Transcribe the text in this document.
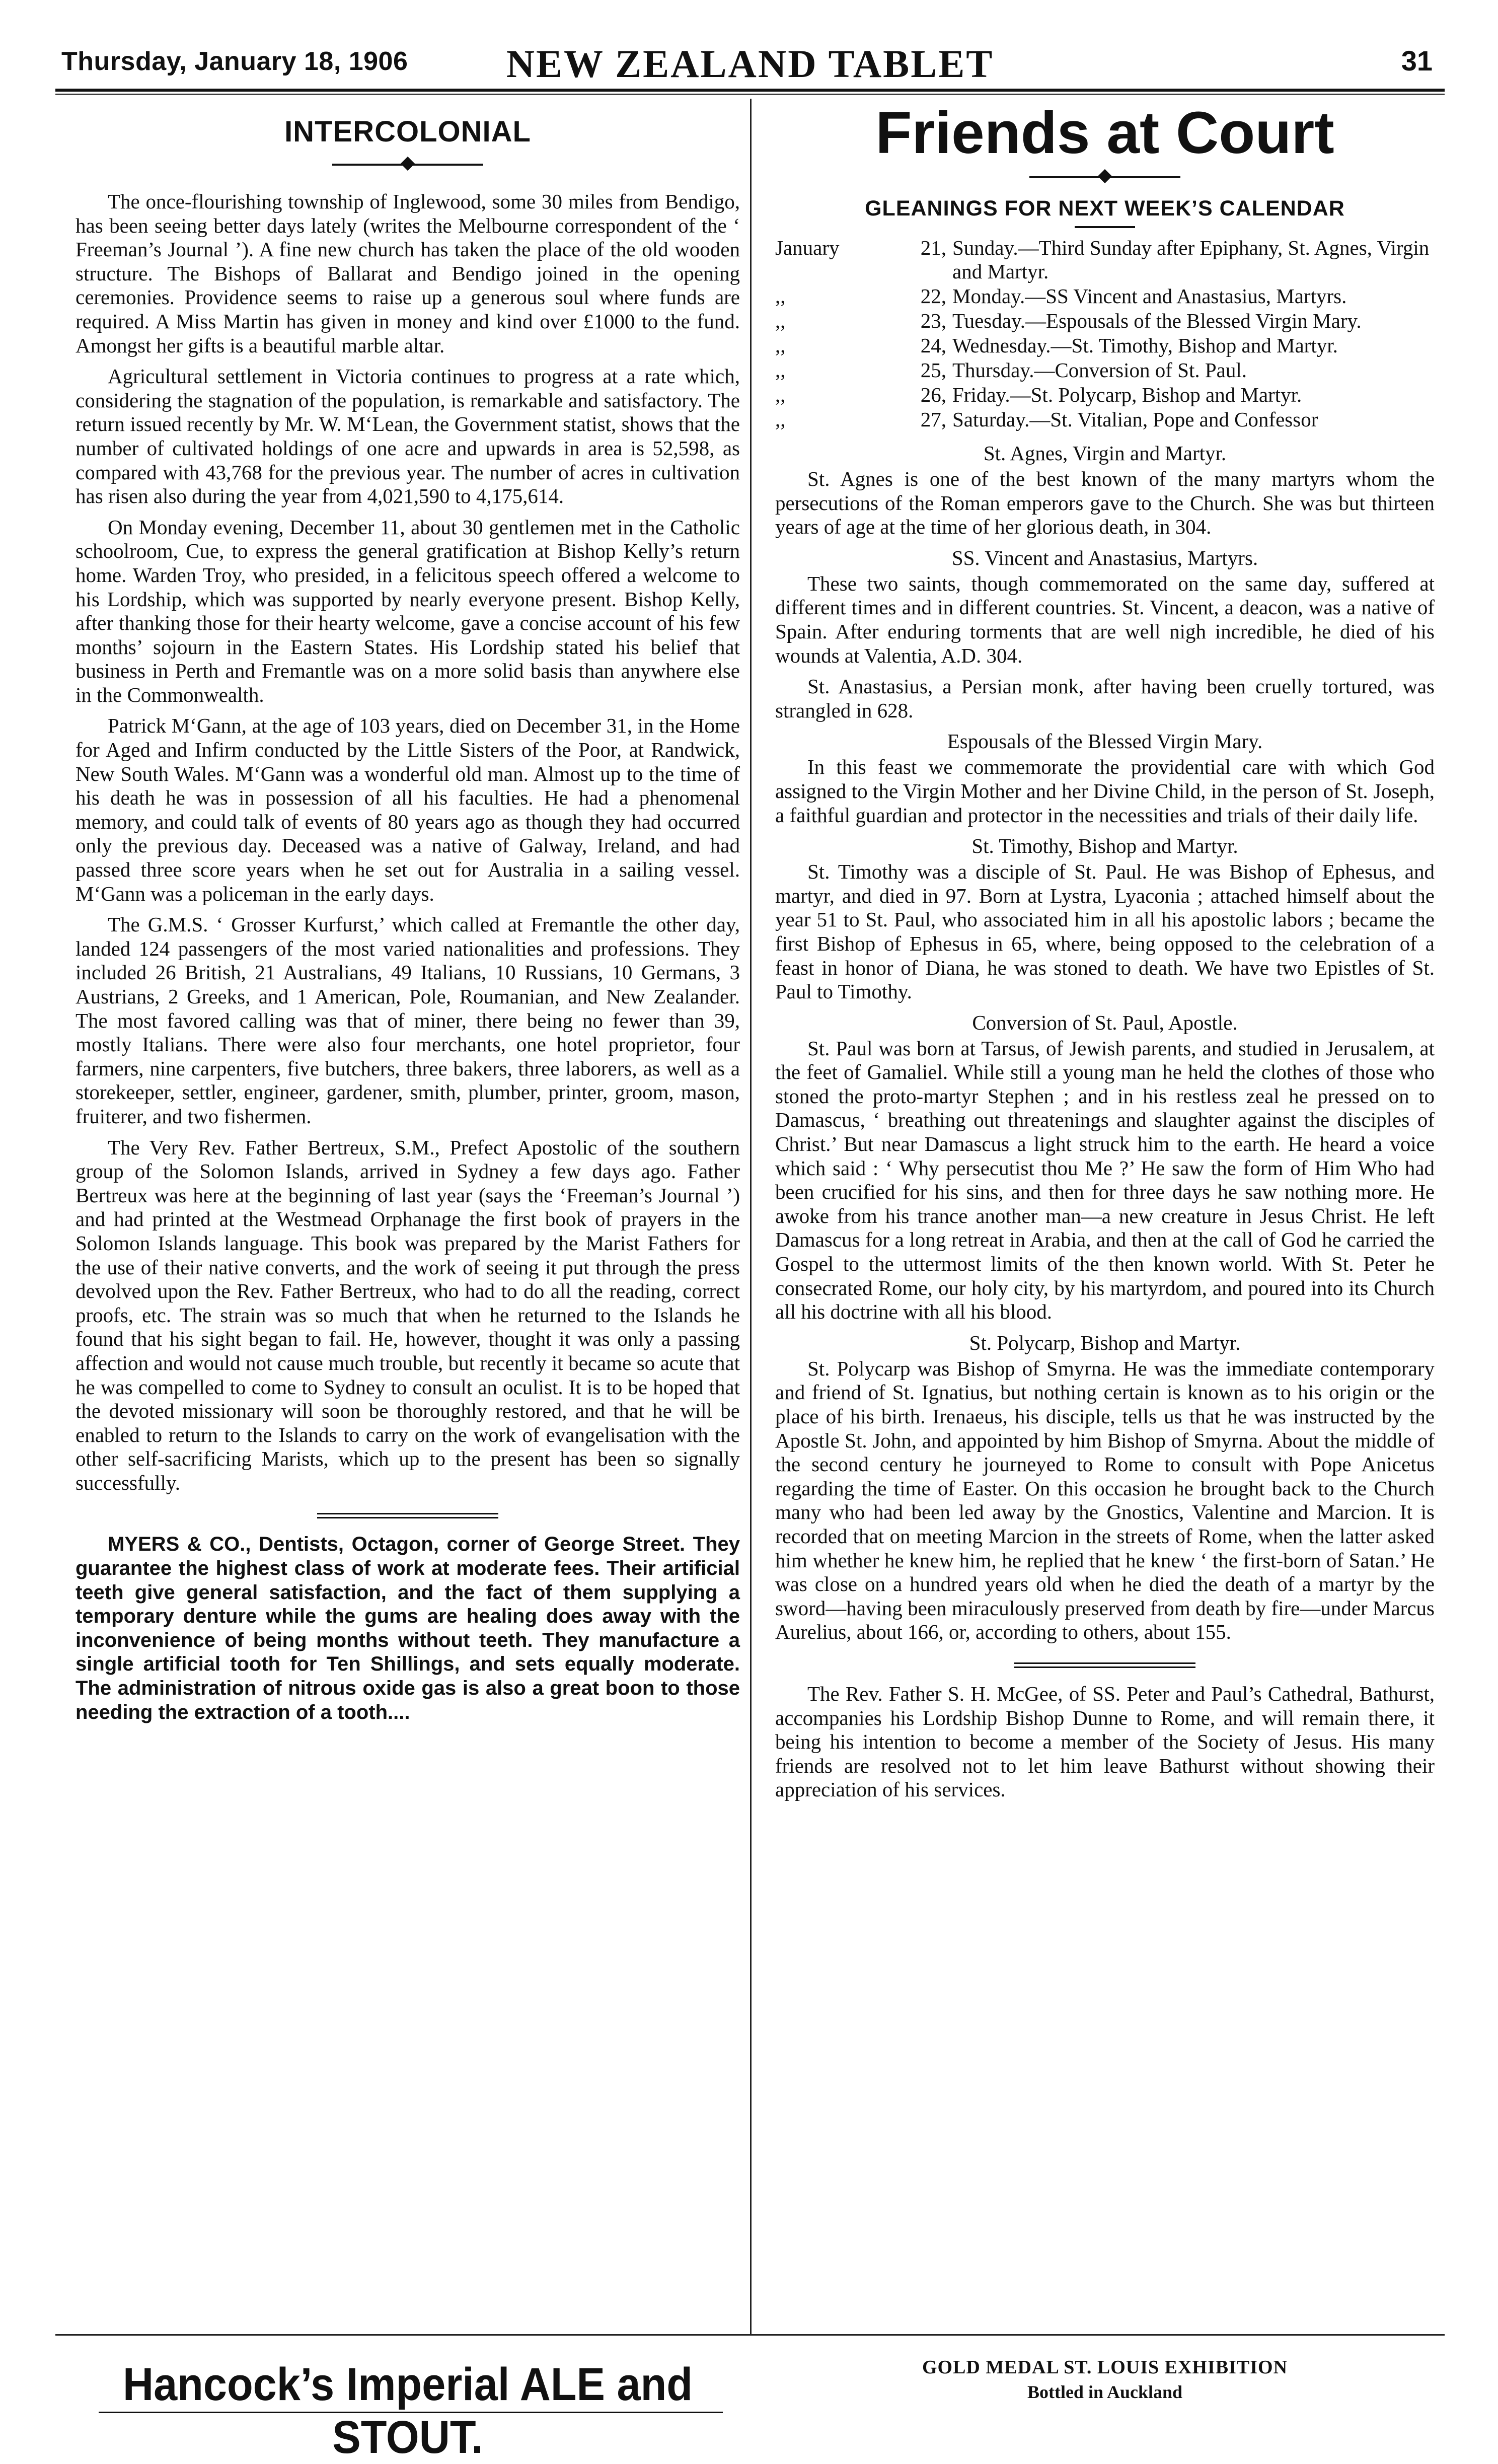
Thursday, January 18, 1906	NEW ZEALAND TABLET	31
INTERCOLONIAL

The once-flourishing township of Inglewood, some 30 miles from Bendigo, has been seeing better days lately (writes the Melbourne correspondent of the ‘ Freeman’s Journal ’). A fine new church has taken the place of the old wooden structure. The Bishops of Ballarat and Bendigo joined in the opening ceremonies. Providence seems to raise up a generous soul where funds are required. A Miss Martin has given in money and kind over £1000 to the fund. Amongst her gifts is a beautiful marble altar.

Agricultural settlement in Victoria continues to progress at a rate which, considering the stagnation of the population, is remarkable and satisfactory. The return issued recently by Mr. W. M‘Lean, the Government statist, shows that the number of cultivated holdings of one acre and upwards in area is 52,598, as compared with 43,768 for the previous year. The number of acres in cultivation has risen also during the year from 4,021,590 to 4,175,614.

On Monday evening, December 11, about 30 gentlemen met in the Catholic schoolroom, Cue, to express the general gratification at Bishop Kelly’s return home. Warden Troy, who presided, in a felicitous speech offered a welcome to his Lordship, which was supported by nearly everyone present. Bishop Kelly, after thanking those for their hearty welcome, gave a concise account of his few months’ sojourn in the Eastern States. His Lordship stated his belief that business in Perth and Fremantle was on a more solid basis than anywhere else in the Commonwealth.

Patrick M‘Gann, at the age of 103 years, died on December 31, in the Home for Aged and Infirm conducted by the Little Sisters of the Poor, at Randwick, New South Wales. M‘Gann was a wonderful old man. Almost up to the time of his death he was in possession of all his faculties. He had a phenomenal memory, and could talk of events of 80 years ago as though they had occurred only the previous day. Deceased was a native of Galway, Ireland, and had passed three score years when he set out for Australia in a sailing vessel. M‘Gann was a policeman in the early days.

The G.M.S. ‘ Grosser Kurfurst,’ which called at Fremantle the other day, landed 124 passengers of the most varied nationalities and professions. They included 26 British, 21 Australians, 49 Italians, 10 Russians, 10 Germans, 3 Austrians, 2 Greeks, and 1 American, Pole, Roumanian, and New Zealander. The most favored calling was that of miner, there being no fewer than 39, mostly Italians. There were also four merchants, one hotel proprietor, four farmers, nine carpenters, five butchers, three bakers, three laborers, as well as a storekeeper, settler, engineer, gardener, smith, plumber, printer, groom, mason, fruiterer, and two fishermen.

The Very Rev. Father Bertreux, S.M., Prefect Apostolic of the southern group of the Solomon Islands, arrived in Sydney a few days ago. Father Bertreux was here at the beginning of last year (says the ‘Freeman’s Journal ’) and had printed at the Westmead Orphanage the first book of prayers in the Solomon Islands language. This book was prepared by the Marist Fathers for the use of their native converts, and the work of seeing it put through the press devolved upon the Rev. Father Bertreux, who had to do all the reading, correct proofs, etc. The strain was so much that when he returned to the Islands he found that his sight began to fail. He, however, thought it was only a passing affection and would not cause much trouble, but recently it became so acute that he was compelled to come to Sydney to consult an oculist. It is to be hoped that the devoted missionary will soon be thoroughly restored, and that he will be enabled to return to the Islands to carry on the work of evangelisation with the other self-sacrificing Marists, which up to the present has been so signally successfully.

MYERS & CO., Dentists, Octagon, corner of George Street. They guarantee the highest class of work at moderate fees. Their artificial teeth give general satisfaction, and the fact of them supplying a temporary denture while the gums are healing does away with the inconvenience of being months without teeth. They manufacture a single artificial tooth for Ten Shillings, and sets equally moderate. The administration of nitrous oxide gas is also a great boon to those needing the extraction of a tooth....

Friends at Court
GLEANINGS FOR NEXT WEEK’S CALENDAR
January	21, Sunday.—Third Sunday after Epiphany, St. Agnes, Virgin and Martyr.
,,	22, Monday.—SS Vincent and Anastasius, Martyrs.
,,	23, Tuesday.—Espousals of the Blessed Virgin Mary.
,,	24, Wednesday.—St. Timothy, Bishop and Martyr.
,,	25, Thursday.—Conversion of St. Paul.
,,	26, Friday.—St. Polycarp, Bishop and Martyr.
,,	27, Saturday.—St. Vitalian, Pope and Confessor
St. Agnes, Virgin and Martyr.

St. Agnes is one of the best known of the many martyrs whom the persecutions of the Roman emperors gave to the Church. She was but thirteen years of age at the time of her glorious death, in 304.

SS. Vincent and Anastasius, Martyrs.

These two saints, though commemorated on the same day, suffered at different times and in different countries. St. Vincent, a deacon, was a native of Spain. After enduring torments that are well nigh incredible, he died of his wounds at Valentia, A.D. 304.

St. Anastasius, a Persian monk, after having been cruelly tortured, was strangled in 628.

Espousals of the Blessed Virgin Mary.

In this feast we commemorate the providential care with which God assigned to the Virgin Mother and her Divine Child, in the person of St. Joseph, a faithful guardian and protector in the necessities and trials of their daily life.

St. Timothy, Bishop and Martyr.

St. Timothy was a disciple of St. Paul. He was Bishop of Ephesus, and martyr, and died in 97. Born at Lystra, Lyaconia ; attached himself about the year 51 to St. Paul, who associated him in all his apostolic labors ; became the first Bishop of Ephesus in 65, where, being opposed to the celebration of a feast in honor of Diana, he was stoned to death. We have two Epistles of St. Paul to Timothy.

Conversion of St. Paul, Apostle.

St. Paul was born at Tarsus, of Jewish parents, and studied in Jerusalem, at the feet of Gamaliel. While still a young man he held the clothes of those who stoned the proto-martyr Stephen ; and in his restless zeal he pressed on to Damascus, ‘ breathing out threatenings and slaughter against the disciples of Christ.’ But near Damascus a light struck him to the earth. He heard a voice which said : ‘ Why persecutist thou Me ?’ He saw the form of Him Who had been crucified for his sins, and then for three days he saw nothing more. He awoke from his trance another man—a new creature in Jesus Christ. He left Damascus for a long retreat in Arabia, and then at the call of God he carried the Gospel to the uttermost limits of the then known world. With St. Peter he consecrated Rome, our holy city, by his martyrdom, and poured into its Church all his doctrine with all his blood.

St. Polycarp, Bishop and Martyr.

St. Polycarp was Bishop of Smyrna. He was the immediate contemporary and friend of St. Ignatius, but nothing certain is known as to his origin or the place of his birth. Irenaeus, his disciple, tells us that he was instructed by the Apostle St. John, and appointed by him Bishop of Smyrna. About the middle of the second century he journeyed to Rome to consult with Pope Anicetus regarding the time of Easter. On this occasion he brought back to the Church many who had been led away by the Gnostics, Valentine and Marcion. It is recorded that on meeting Marcion in the streets of Rome, when the latter asked him whether he knew him, he replied that he knew ‘ the first-born of Satan.’ He was close on a hundred years old when he died the death of a martyr by the sword—having been miraculously preserved from death by fire—under Marcus Aurelius, about 166, or, according to others, about 155.

The Rev. Father S. H. McGee, of SS. Peter and Paul’s Cathedral, Bathurst, accompanies his Lordship Bishop Dunne to Rome, and will remain there, it being his intention to become a member of the Society of Jesus. His many friends are resolved not to let him leave Bathurst without showing their appreciation of his services.

Hancock’s Imperial ALE and STOUT.
GOLD MEDAL ST. LOUIS EXHIBITION
Bottled in Auckland
